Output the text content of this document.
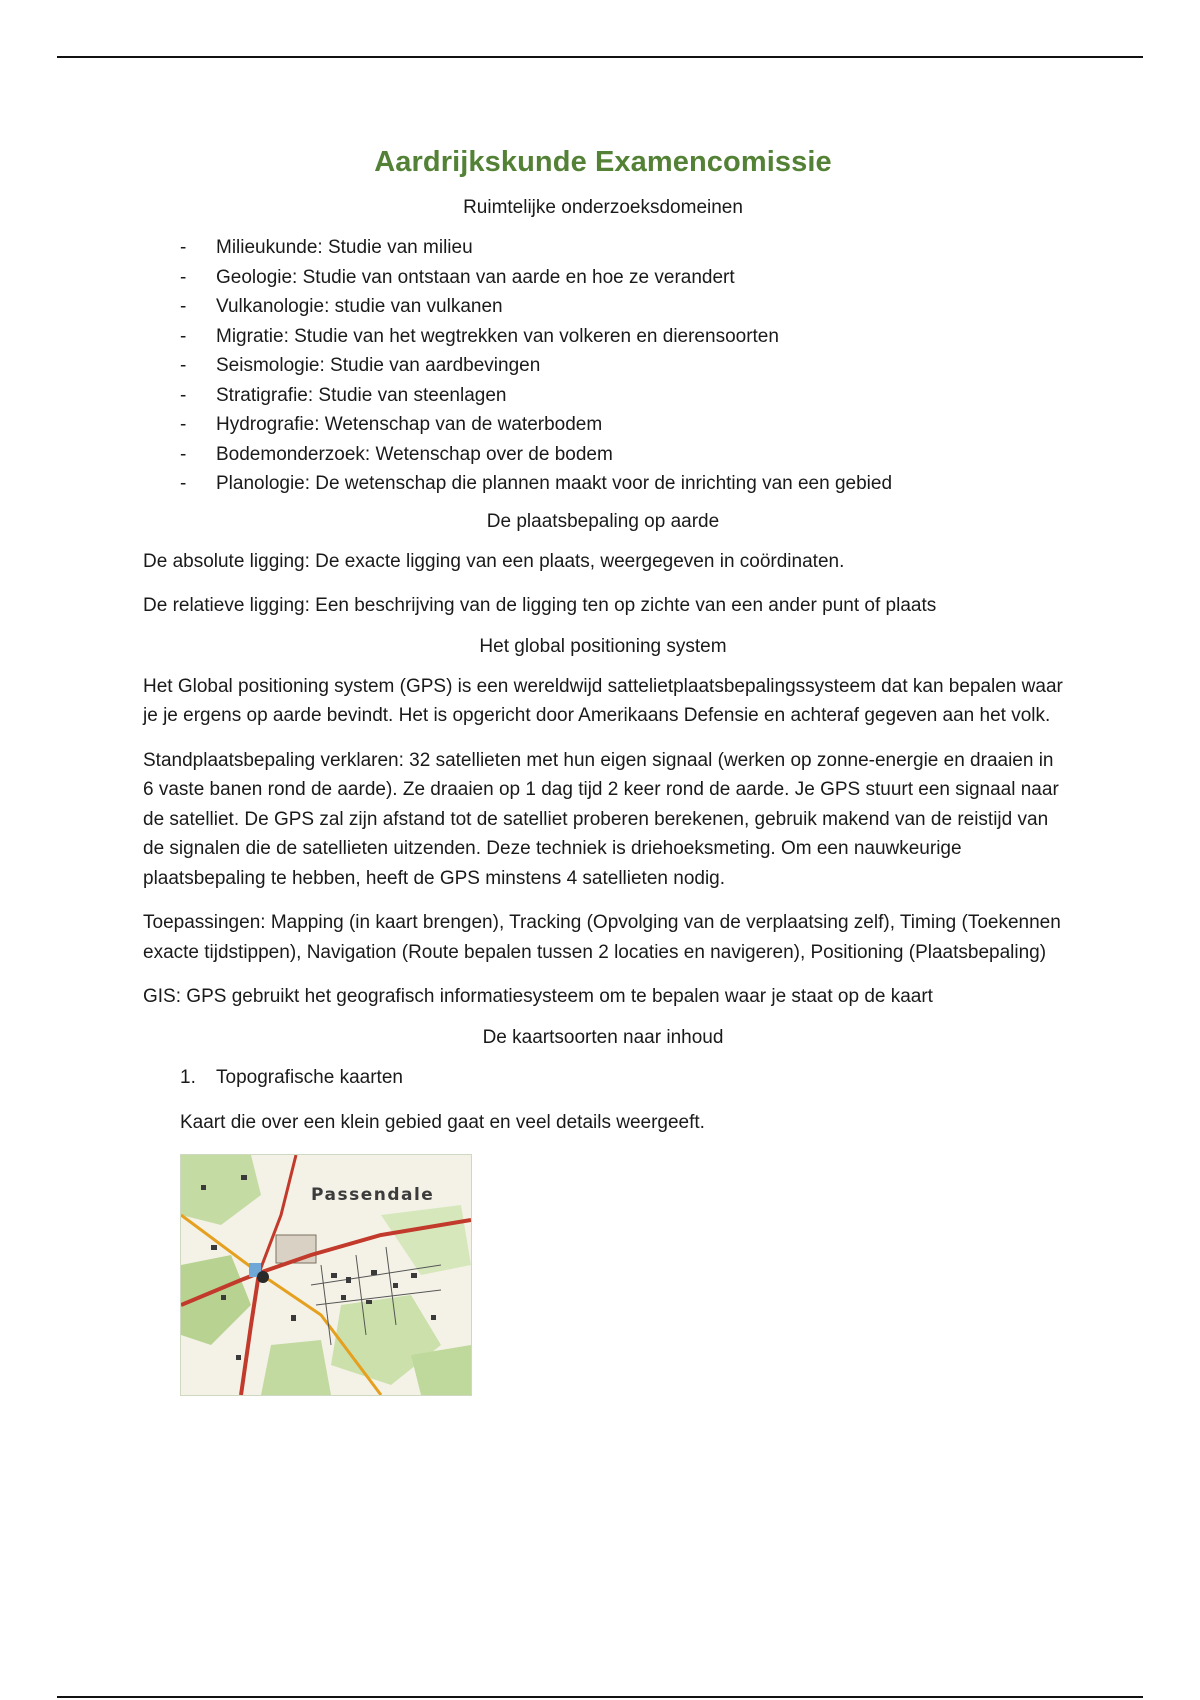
Aardrijkskunde Examencomissie
Ruimtelijke onderzoeksdomeinen
- Milieukunde: Studie van milieu
- Geologie: Studie van ontstaan van aarde en hoe ze verandert
- Vulkanologie: studie van vulkanen
- Migratie: Studie van het wegtrekken van volkeren en dierensoorten
- Seismologie: Studie van aardbevingen
- Stratigrafie: Studie van steenlagen
- Hydrografie: Wetenschap van de waterbodem
- Bodemonderzoek: Wetenschap over de bodem
- Planologie: De wetenschap die plannen maakt voor de inrichting van een gebied
De plaatsbepaling op aarde

De absolute ligging: De exacte ligging van een plaats, weergegeven in coördinaten.

De relatieve ligging: Een beschrijving van de ligging ten op zichte van een ander punt of plaats

Het global positioning system

Het Global positioning system (GPS) is een wereldwijd sattelietplaatsbepalingssysteem dat kan bepalen waar je je ergens op aarde bevindt. Het is opgericht door Amerikaans Defensie en achteraf gegeven aan het volk.

Standplaatsbepaling verklaren: 32 satellieten met hun eigen signaal (werken op zonne-energie en draaien in 6 vaste banen rond de aarde). Ze draaien op 1 dag tijd 2 keer rond de aarde. Je GPS stuurt een signaal naar de satelliet. De GPS zal zijn afstand tot de satelliet proberen berekenen, gebruik makend van de reistijd van de signalen die de satellieten uitzenden. Deze techniek is driehoeksmeting. Om een nauwkeurige plaatsbepaling te hebben, heeft de GPS minstens 4 satellieten nodig.

Toepassingen: Mapping (in kaart brengen), Tracking (Opvolging van de verplaatsing zelf), Timing (Toekennen exacte tijdstippen), Navigation (Route bepalen tussen 2 locaties en navigeren), Positioning (Plaatsbepaling)

GIS: GPS gebruikt het geografisch informatiesysteem om te bepalen waar je staat op de kaart

De kaartsoorten naar inhoud
1. Topografische kaarten
Kaart die over een klein gebied gaat en veel details weergeeft.
Passendale
